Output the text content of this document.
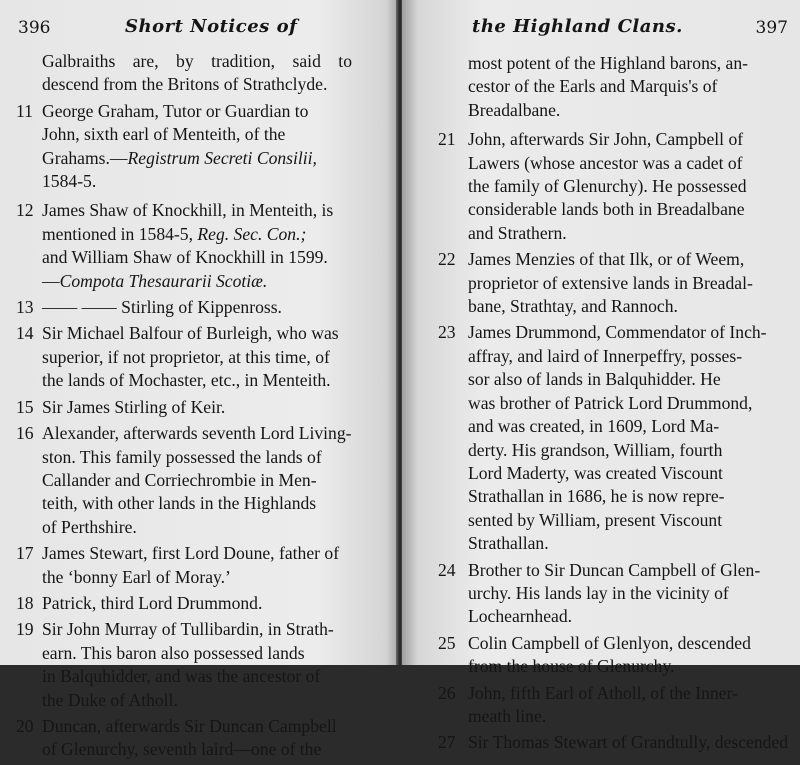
396	Short Notices of
Galbraiths are, by tradition, said to
descend from the Britons of Strathclyde.
11 George Graham, Tutor or Guardian to
John, sixth earl of Menteith, of the
Grahams.—Registrum Secreti Consilii,
1584-5.
12 James Shaw of Knockhill, in Menteith, is
mentioned in 1584-5, Reg. Sec. Con.;
and William Shaw of Knockhill in 1599.
—Compota Thesaurarii Scotiæ.
13 —— —— Stirling of Kippenross.
14 Sir Michael Balfour of Burleigh, who was
superior, if not proprietor, at this time, of
the lands of Mochaster, etc., in Menteith.
15 Sir James Stirling of Keir.
16 Alexander, afterwards seventh Lord Living-
ston. This family possessed the lands of
Callander and Corriechrombie in Men-
teith, with other lands in the Highlands
of Perthshire.
17 James Stewart, first Lord Doune, father of
the ‘bonny Earl of Moray.’
18 Patrick, third Lord Drummond.
19 Sir John Murray of Tullibardin, in Strath-
earn. This baron also possessed lands
in Balquhidder, and was the ancestor of
the Duke of Atholl.
20 Duncan, afterwards Sir Duncan Campbell
of Glenurchy, seventh laird—one of the
the Highland Clans.	397
most potent of the Highland barons, an-
cestor of the Earls and Marquis's of
Breadalbane.
21 John, afterwards Sir John, Campbell of
Lawers (whose ancestor was a cadet of
the family of Glenurchy). He possessed
considerable lands both in Breadalbane
and Strathern.
22 James Menzies of that Ilk, or of Weem,
proprietor of extensive lands in Breadal-
bane, Strathtay, and Rannoch.
23 James Drummond, Commendator of Inch-
affray, and laird of Innerpeffry, posses-
sor also of lands in Balquhidder. He
was brother of Patrick Lord Drummond,
and was created, in 1609, Lord Ma-
derty. His grandson, William, fourth
Lord Maderty, was created Viscount
Strathallan in 1686, he is now repre-
sented by William, present Viscount
Strathallan.
24 Brother to Sir Duncan Campbell of Glen-
urchy. His lands lay in the vicinity of
Lochearnhead.
25 Colin Campbell of Glenlyon, descended
from the house of Glenurchy.
26 John, fifth Earl of Atholl, of the Inner-
meath line.
27 Sir Thomas Stewart of Grandtully, descended
